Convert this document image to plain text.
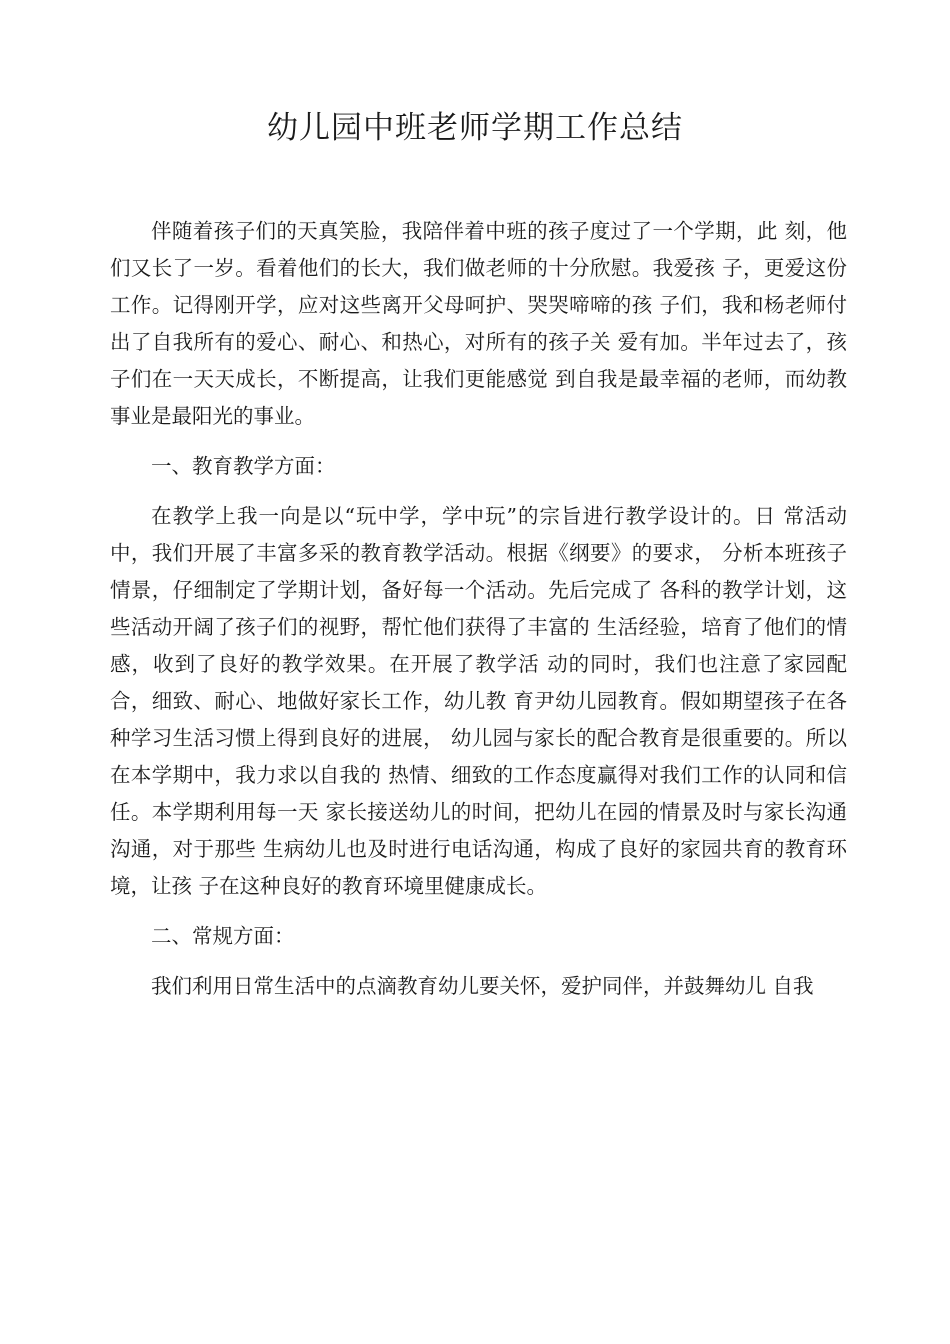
幼儿园中班老师学期工作总结

伴随着孩子们的天真笑脸，我陪伴着中班的孩子度过了一个学期，此 刻，他们又长了一岁。看着他们的长大，我们做老师的十分欣慰。我爱孩 子，更爱这份工作。记得刚开学，应对这些离开父母呵护、哭哭啼啼的孩 子们，我和杨老师付出了自我所有的爱心、耐心、和热心，对所有的孩子关 爱有加。半年过去了，孩子们在一天天成长，不断提高，让我们更能感觉 到自我是最幸福的老师，而幼教事业是最阳光的事业。

一、教育教学方面：

在教学上我一向是以“玩中学，学中玩”的宗旨进行教学设计的。日 常活动中，我们开展了丰富多采的教育教学活动。根据《纲要》的要求， 分析本班孩子情景，仔细制定了学期计划，备好每一个活动。先后完成了 各科的教学计划，这些活动开阔了孩子们的视野，帮忙他们获得了丰富的 生活经验，培育了他们的情感，收到了良好的教学效果。在开展了教学活 动的同时，我们也注意了家园配合，细致、耐心、地做好家长工作，幼儿教 育尹幼儿园教育。假如期望孩子在各种学习生活习惯上得到良好的进展， 幼儿园与家长的配合教育是很重要的。所以在本学期中，我力求以自我的 热情、细致的工作态度赢得对我们工作的认同和信任。本学期利用每一天 家长接送幼儿的时间，把幼儿在园的情景及时与家长沟通沟通，对于那些 生病幼儿也及时进行电话沟通，构成了良好的家园共育的教育环境，让孩 子在这种良好的教育环境里健康成长。

二、常规方面：

我们利用日常生活中的点滴教育幼儿要关怀，爱护同伴，并鼓舞幼儿 自我
